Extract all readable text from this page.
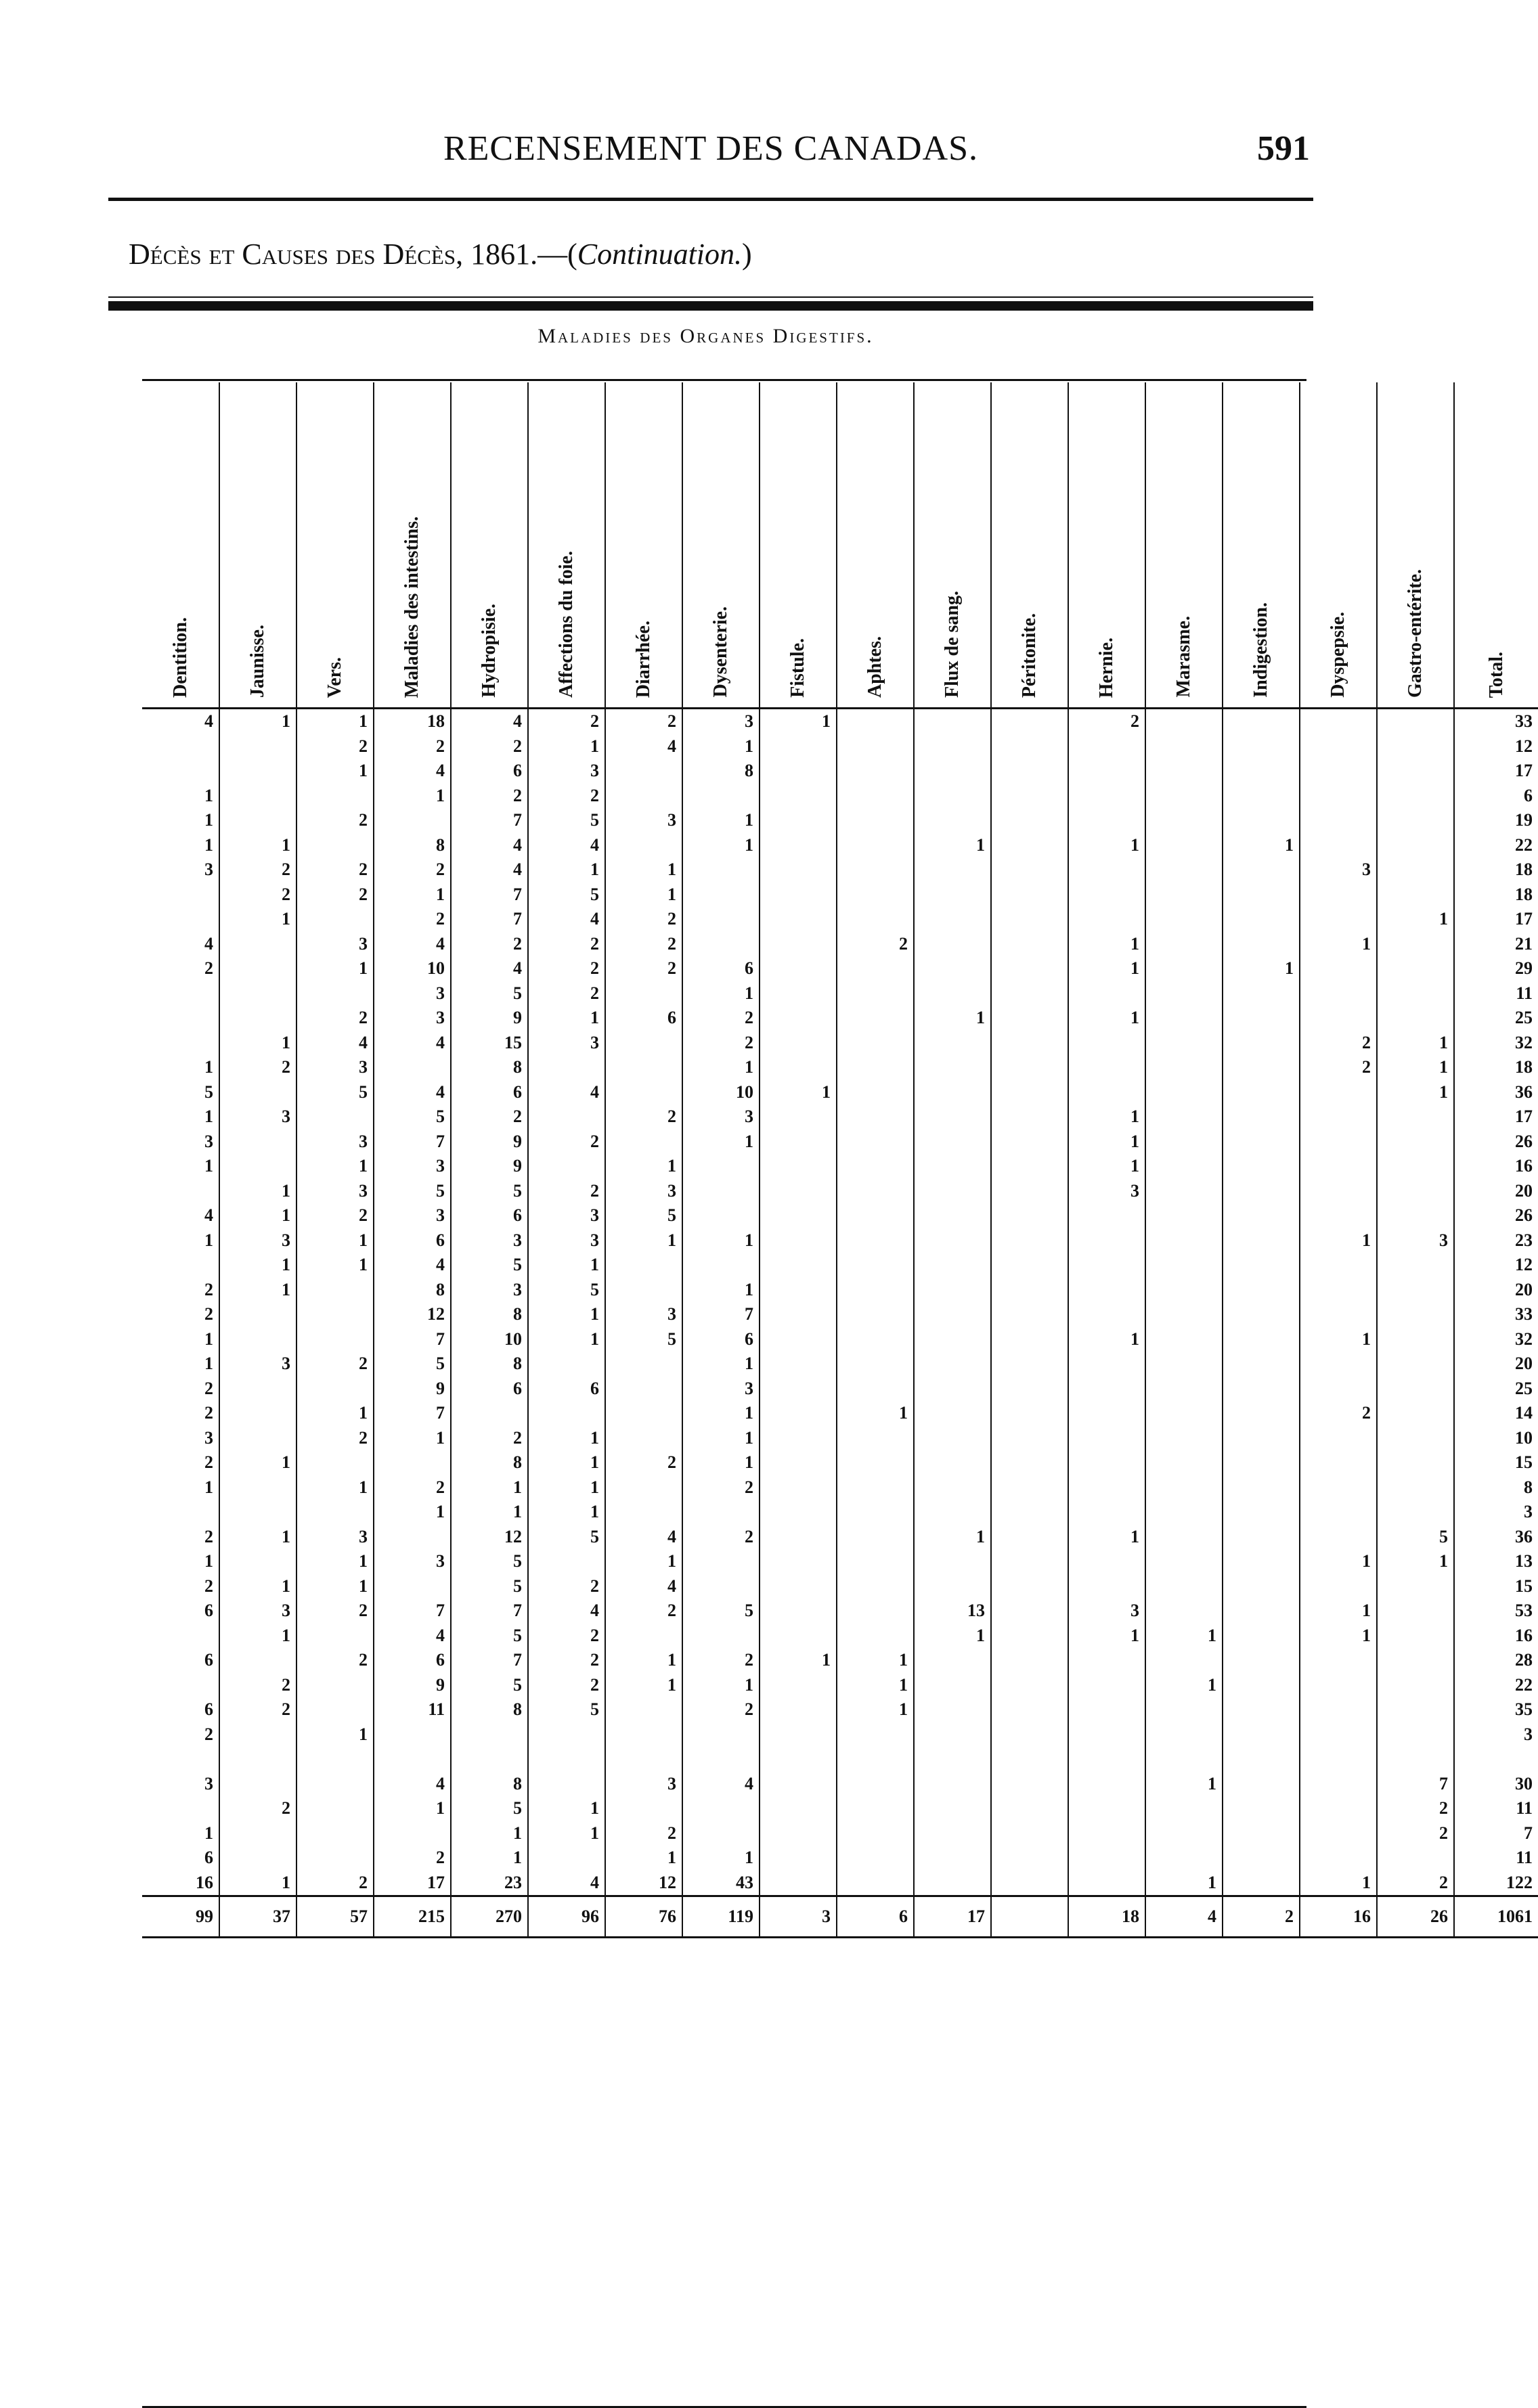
RECENSEMENT DES CANADAS.	591
Décès et Causes des Décès, 1861.—(Continuation.)
Maladies des Organes Digestifs.
Dentition.	Jaunisse.	Vers.	Maladies des intestins.	Hydropisie.	Affections du foie.	Diarrhée.	Dysenterie.	Fistule.	Aphtes.	Flux de sang.	Péritonite.	Hernie.	Marasme.	Indigestion.	Dyspepsie.	Gastro-entérite.	Total.

4	1	1	18	4	2	2	3	1				2					33
		2	2	2	1	4	1										12
		1	4	6	3		8										17
1			1	2	2												6
1		2		7	5	3	1										19
1	1		8	4	4		1			1		1		1			22
3	2	2	2	4	1	1									3		18
	2	2	1	7	5	1											18
	1		2	7	4	2										1	17
4		3	4	2	2	2			2			1			1		21
2		1	10	4	2	2	6					1		1			29
			3	5	2		1										11
		2	3	9	1	6	2			1		1					25
	1	4	4	15	3		2								2	1	32
1	2	3		8			1								2	1	18
5		5	4	6	4		10	1								1	36
1	3		5	2		2	3					1					17
3		3	7	9	2		1					1					26
1		1	3	9		1						1					16
	1	3	5	5	2	3						3					20
4	1	2	3	6	3	5											26
1	3	1	6	3	3	1	1								1	3	23
	1	1	4	5	1												12
2	1		8	3	5		1										20
2			12	8	1	3	7										33
1			7	10	1	5	6					1			1		32
1	3	2	5	8			1										20
2			9	6	6		3										25
2		1	7				1		1						2		14
3		2	1	2	1		1										10
2	1			8	1	2	1										15
1		1	2	1	1		2										8
			1	1	1												3
2	1	3		12	5	4	2			1		1				5	36
1		1	3	5		1									1	1	13
2	1	1		5	2	4											15
6	3	2	7	7	4	2	5			13		3			1		53
	1		4	5	2					1		1	1		1		16
6		2	6	7	2	1	2	1	1								28
	2		9	5	2	1	1		1				1				22
6	2		11	8	5		2		1								35
2		1															3

3			4	8		3	4						1			7	30
	2		1	5	1											2	11
1				1	1	2										2	7
6			2	1		1	1										11
16	1	2	17	23	4	12	43						1		1	2	122
99	37	57	215	270	96	76	119	3	6	17		18	4	2	16	26	1061
